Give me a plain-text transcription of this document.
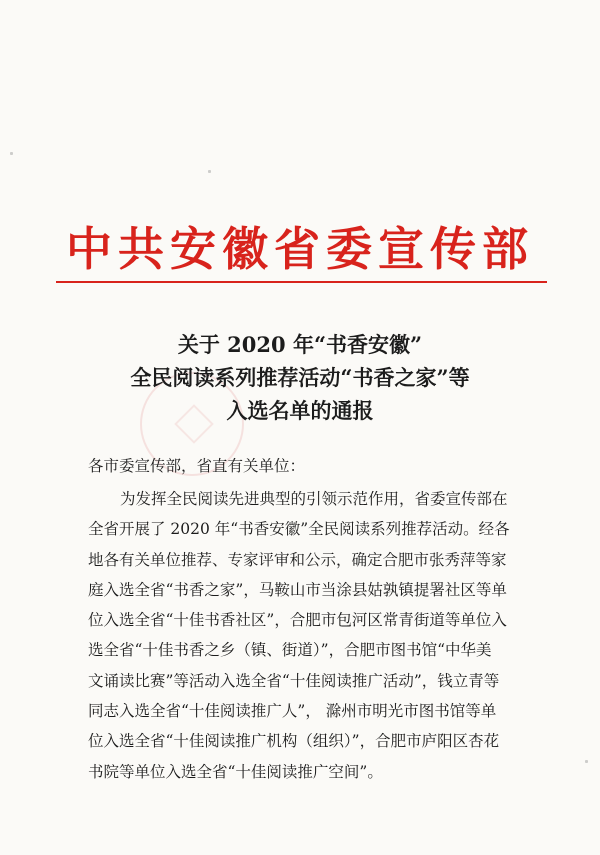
中共安徽省委宣传部
关于 2020 年“书香安徽”
全民阅读系列推荐活动“书香之家”等
入选名单的通报
各市委宣传部，省直有关单位：
为发挥全民阅读先进典型的引领示范作用，省委宣传部在
全省开展了 2020 年“书香安徽”全民阅读系列推荐活动。经各
地各有关单位推荐、专家评审和公示，确定合肥市张秀萍等家
庭入选全省“书香之家”，马鞍山市当涂县姑孰镇提署社区等单
位入选全省“十佳书香社区”，合肥市包河区常青街道等单位入
选全省“十佳书香之乡（镇、街道）”，合肥市图书馆“中华美
文诵读比赛”等活动入选全省“十佳阅读推广活动”，钱立青等
同志入选全省“十佳阅读推广人”， 滁州市明光市图书馆等单
位入选全省“十佳阅读推广机构（组织）”，合肥市庐阳区杏花
书院等单位入选全省“十佳阅读推广空间”。
